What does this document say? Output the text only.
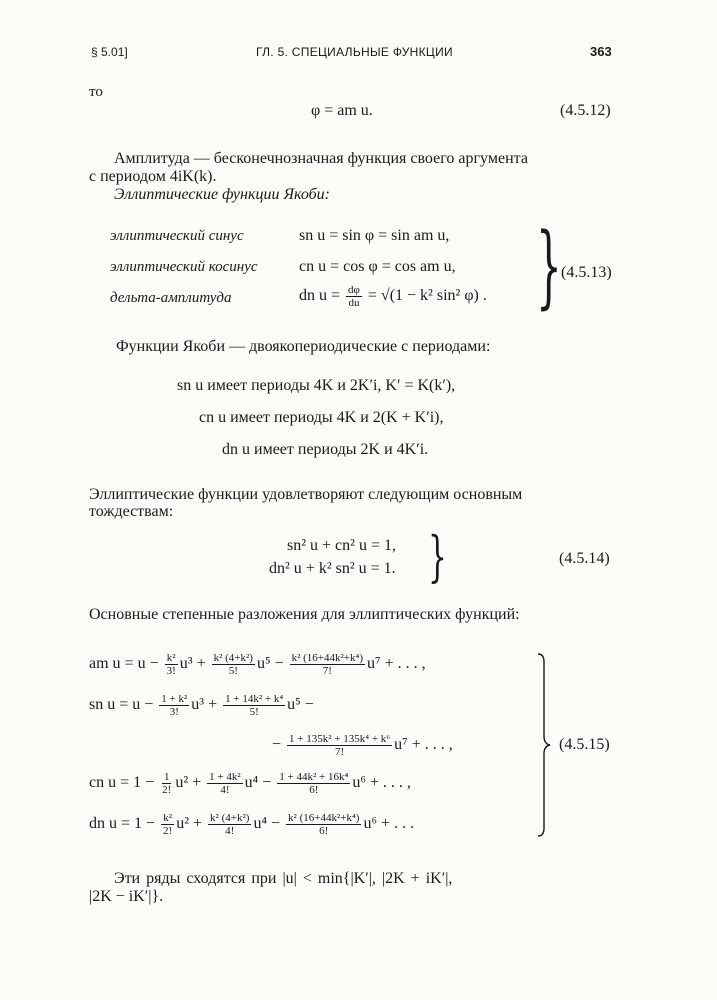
§ 5.01]	ГЛ. 5. СПЕЦИАЛЬНЫЕ ФУНКЦИИ	363
то
φ = am u.	(4.5.12)
Амплитуда — бесконечнозначная функция своего аргумента
с периодом 4iK(k).
Эллиптические функции Якоби:
эллиптический синус	sn u = sin φ = sin am u,
эллиптический косинус	cn u = cos φ = cos am u,
дельта-амплитуда	dn $u = \frac{d\varphi}{du} = √(1 - k^2$ sin² φ) . } (4.5.13)
Функции Якоби — двоякопериодические с периодами:
sn u имеет периоды 4K и 2K′i, K′ = K(k′),
cn u имеет периоды 4K и 2(K + K′i),
dn u имеет периоды 2K и 4K′i.
Эллиптические функции удовлетворяют следующим основным
тождествам:
sn² u + cn² u = 1,
dn² u + k² sn² u = 1. }	(4.5.14)
Основные степенные разложения для эллиптических функций:
am $u = u - \frac{\text{k²}}{3!} u^3 + \frac{\text{k² (4+k²)}}{5!} u^5 - \frac{\text{k² (16+44k²+k⁴)}}{7!} u^7$ + . . . ,
sn $u = u - \frac{\text{1 + k²}}{3!} u^3 + \frac{\text{1 + 14k² + k⁴}}{5!} u^5$ −
− $\frac{\text{1 + 135k² + 135k⁴ + k⁶}}{7!} u^7$ + . . . ,
cn $u = 1 - \frac{1}{2!} u^2 + \frac{\text{1 + 4k²}}{4!} u^4 - \frac{\text{1 + 44k² + 16k⁴}}{6!} u^6$ + . . . ,
dn $u = 1 - \frac{\text{k²}}{2!} u^2 + \frac{\text{k² (4+k²)}}{4!} u^4 - \frac{\text{k² (16+44k²+k⁴)}}{6!} u^6$ + . . .
(4.5.15)
Эти ряды сходятся при |u| < min{|K′|, |2K + iK′|,
|2K − iK′|}.
